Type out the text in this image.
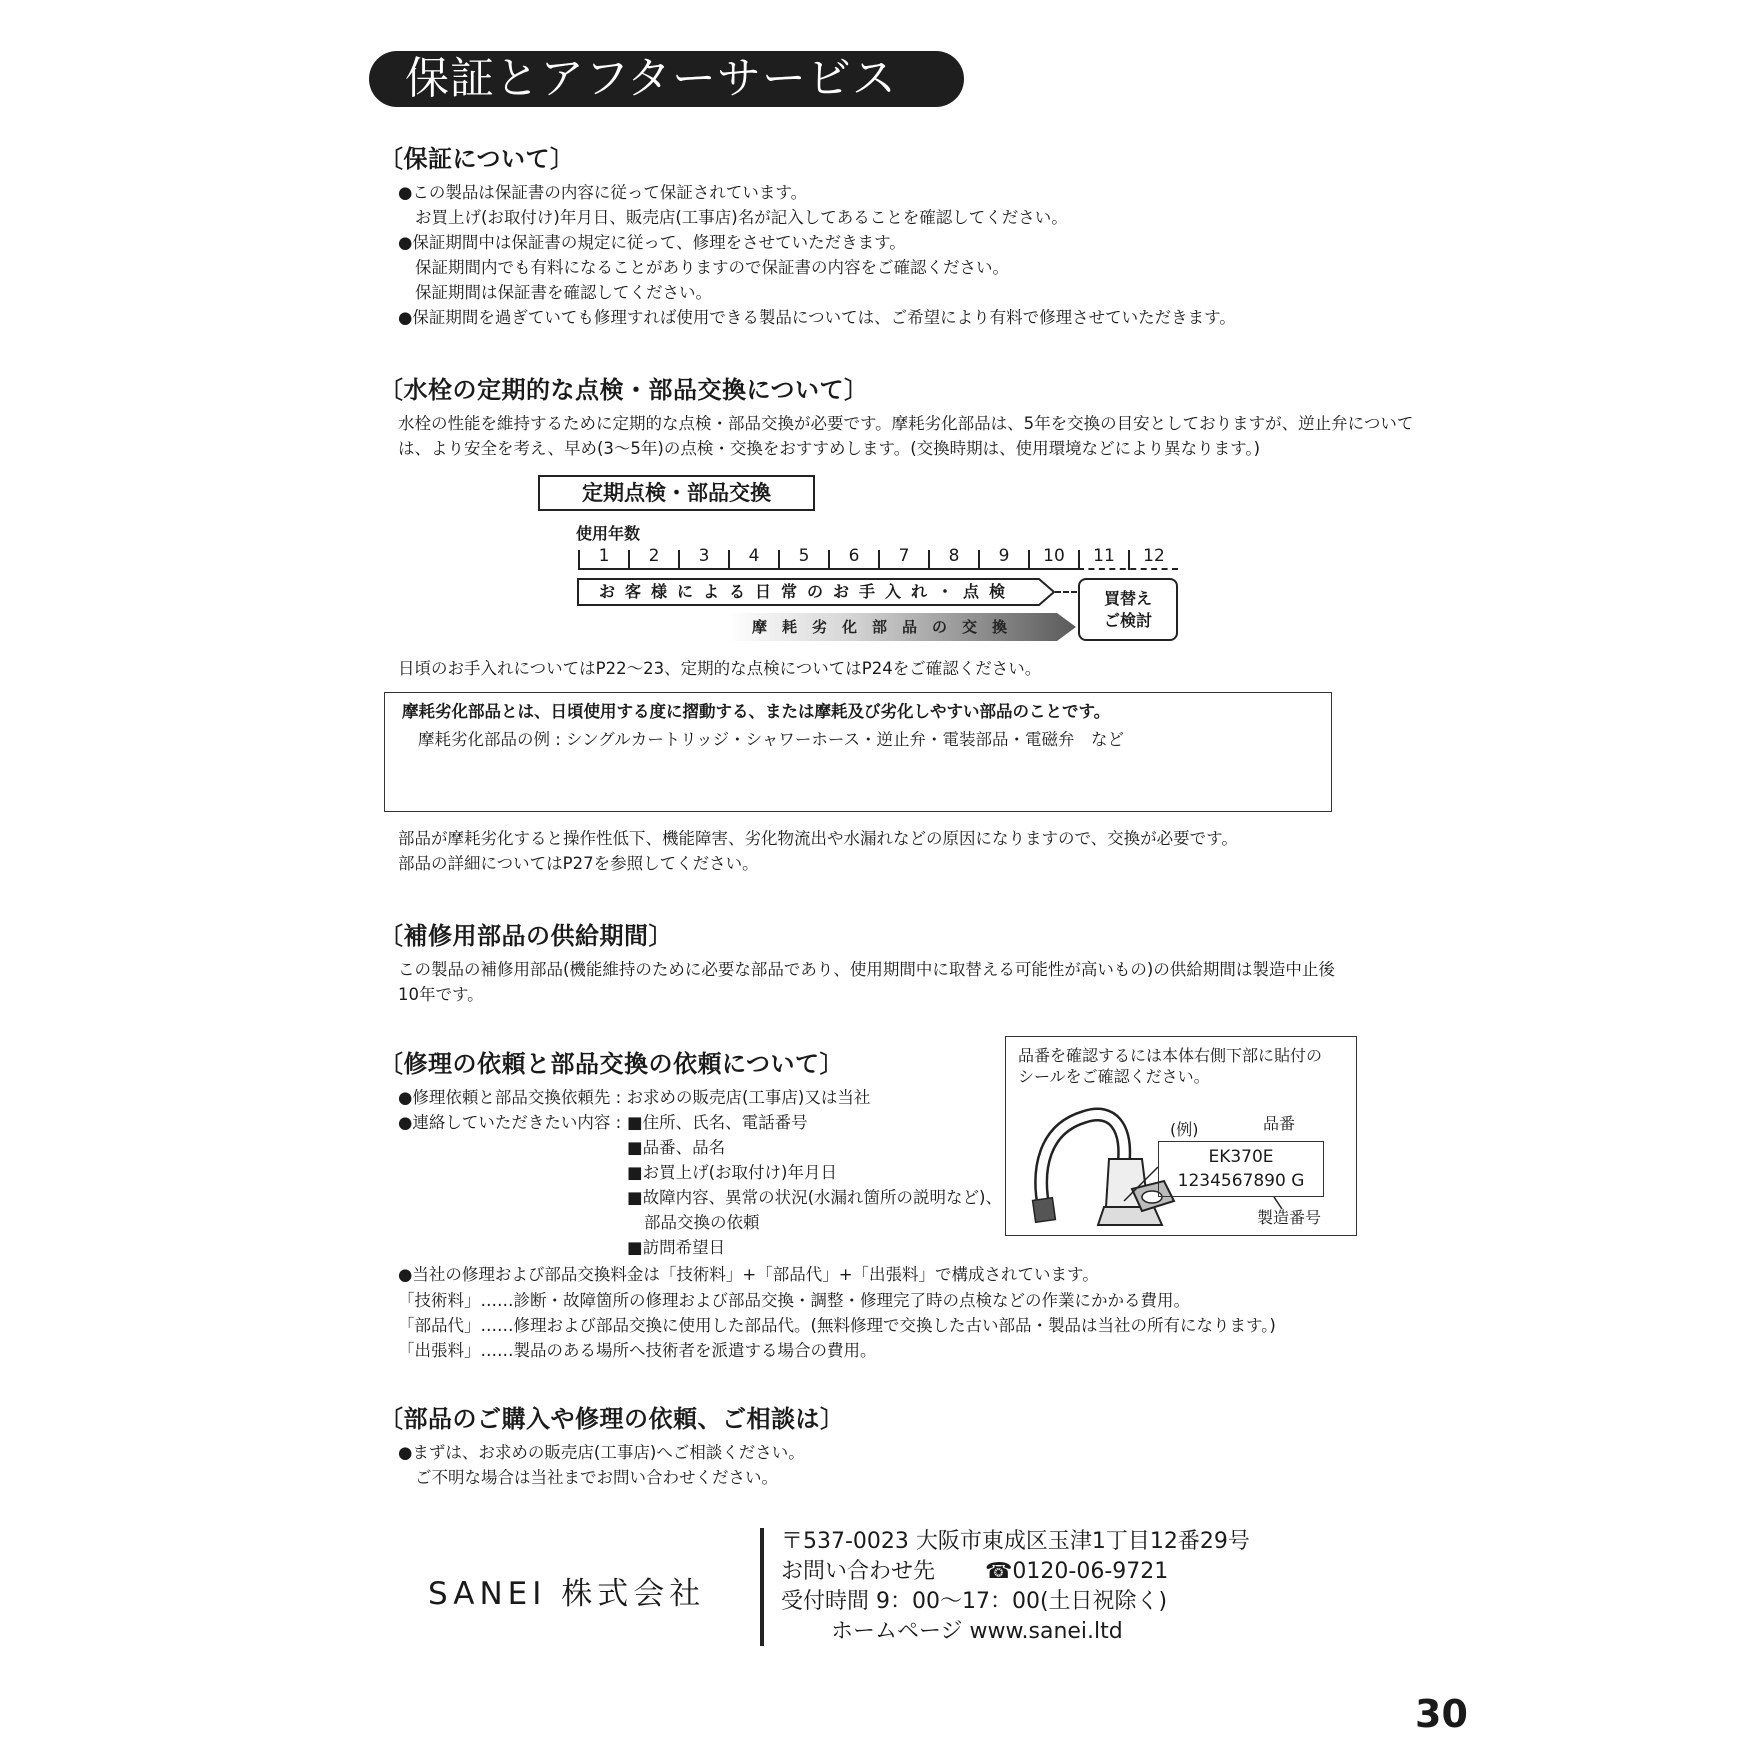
保証とアフターサービス
〔保証について〕
●この製品は保証書の内容に従って保証されています。
お買上げ(お取付け)年月日、販売店(工事店)名が記入してあることを確認してください。
●保証期間中は保証書の規定に従って、修理をさせていただきます。
保証期間内でも有料になることがありますので保証書の内容をご確認ください。
保証期間は保証書を確認してください。
●保証期間を過ぎていても修理すれば使用できる製品については、ご希望により有料で修理させていただきます。
〔水栓の定期的な点検・部品交換について〕
水栓の性能を維持するために定期的な点検・部品交換が必要です。摩耗劣化部品は、5年を交換の目安としておりますが、逆止弁について
は、より安全を考え、早め(3〜5年)の点検・交換をおすすめします。(交換時期は、使用環境などにより異なります。)
定期点検・部品交換
使用年数
1	2	3	4	5	6	7	8	9	10	11	12
お客様による日常のお手入れ・点検	買替え
ご検討
摩耗劣化部品の交換
日頃のお手入れについてはP22〜23、定期的な点検についてはP24をご確認ください。
摩耗劣化部品とは、日頃使用する度に摺動する、または摩耗及び劣化しやすい部品のことです。
摩耗劣化部品の例 : シングルカートリッジ・シャワーホース・逆止弁・電装部品・電磁弁　など
部品が摩耗劣化すると操作性低下、機能障害、劣化物流出や水漏れなどの原因になりますので、交換が必要です。
部品の詳細についてはP27を参照してください。
〔補修用部品の供給期間〕
この製品の補修用部品(機能維持のために必要な部品であり、使用期間中に取替える可能性が高いもの)の供給期間は製造中止後
10年です。
〔修理の依頼と部品交換の依頼について〕
●修理依頼と部品交換依頼先 : お求めの販売店(工事店)又は当社
●連絡していただきたい内容 : ■住所、氏名、電話番号
■品番、品名
■お買上げ(お取付け)年月日
■故障内容、異常の状況(水漏れ箇所の説明など)、
部品交換の依頼
■訪問希望日
●当社の修理および部品交換料金は「技術料」+「部品代」+「出張料」で構成されています。
「技術料」‥‥‥診断・故障箇所の修理および部品交換・調整・修理完了時の点検などの作業にかかる費用。
「部品代」‥‥‥修理および部品交換に使用した部品代。(無料修理で交換した古い部品・製品は当社の所有になります。)
「出張料」‥‥‥製品のある場所へ技術者を派遣する場合の費用。
品番を確認するには本体右側下部に貼付の
シールをご確認ください。
(例)	品番
EK370E
1234567890 G
製造番号
〔部品のご購入や修理の依頼、ご相談は〕
●まずは、お求めの販売店(工事店)へご相談ください。
ご不明な場合は当社までお問い合わせください。
SANEI 株式会社
〒537-0023 大阪市東成区玉津1丁目12番29号
お問い合わせ先 ☎0120-06-9721
受付時間 9：00〜17：00(土日祝除く)
ホームページ www.sanei.ltd
30
